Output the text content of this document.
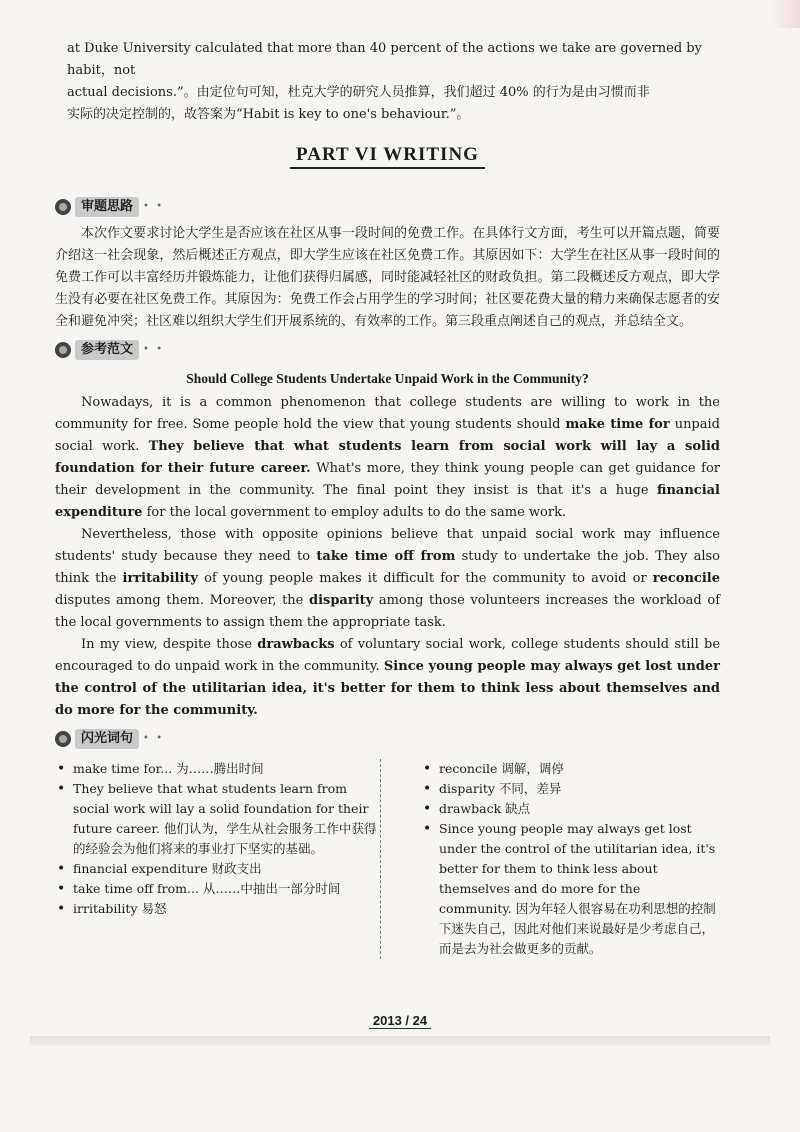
at Duke University calculated that more than 40 percent of the actions we take are governed by habit，not

actual decisions.”。由定位句可知，杜克大学的研究人员推算，我们超过 40% 的行为是由习惯而非

实际的决定控制的，故答案为“Habit is key to one's behaviour.”。

PART VI WRITING
审题思路	• •

本次作文要求讨论大学生是否应该在社区从事一段时间的免费工作。在具体行文方面，考生可以开篇点题，简要介绍这一社会现象，然后概述正方观点，即大学生应该在社区免费工作。其原因如下：大学生在社区从事一段时间的免费工作可以丰富经历并锻炼能力，让他们获得归属感，同时能减轻社区的财政负担。第二段概述反方观点，即大学生没有必要在社区免费工作。其原因为：免费工作会占用学生的学习时间；社区要花费大量的精力来确保志愿者的安全和避免冲突；社区难以组织大学生们开展系统的、有效率的工作。第三段重点阐述自己的观点，并总结全文。

参考范文	• •
Should College Students Undertake Unpaid Work in the Community?

Nowadays, it is a common phenomenon that college students are willing to work in the community for free. Some people hold the view that young students should make time for unpaid social work. They believe that what students learn from social work will lay a solid foundation for their future career. What's more, they think young people can get guidance for their development in the community. The final point they insist is that it's a huge financial expenditure for the local government to employ adults to do the same work.

Nevertheless, those with opposite opinions believe that unpaid social work may influence students' study because they need to take time off from study to undertake the job. They also think the irritability of young people makes it difficult for the community to avoid or reconcile disputes among them. Moreover, the disparity among those volunteers increases the workload of the local governments to assign them the appropriate task.

In my view, despite those drawbacks of voluntary social work, college students should still be encouraged to do unpaid work in the community. Since young people may always get lost under the control of the utilitarian idea, it's better for them to think less about themselves and do more for the community.

闪光词句	• •
• make time for... 为……腾出时间
• They believe that what students learn from social work will lay a solid foundation for their future career. 他们认为，学生从社会服务工作中获得的经验会为他们将来的事业打下坚实的基础。
• financial expenditure 财政支出
• take time off from... 从……中抽出一部分时间
• irritability 易怒
• reconcile 调解，调停
• disparity 不同，差异
• drawback 缺点
• Since young people may always get lost under the control of the utilitarian idea, it's better for them to think less about themselves and do more for the community. 因为年轻人很容易在功利思想的控制下迷失自己，因此对他们来说最好是少考虑自己，而是去为社会做更多的贡献。
2013 / 24
